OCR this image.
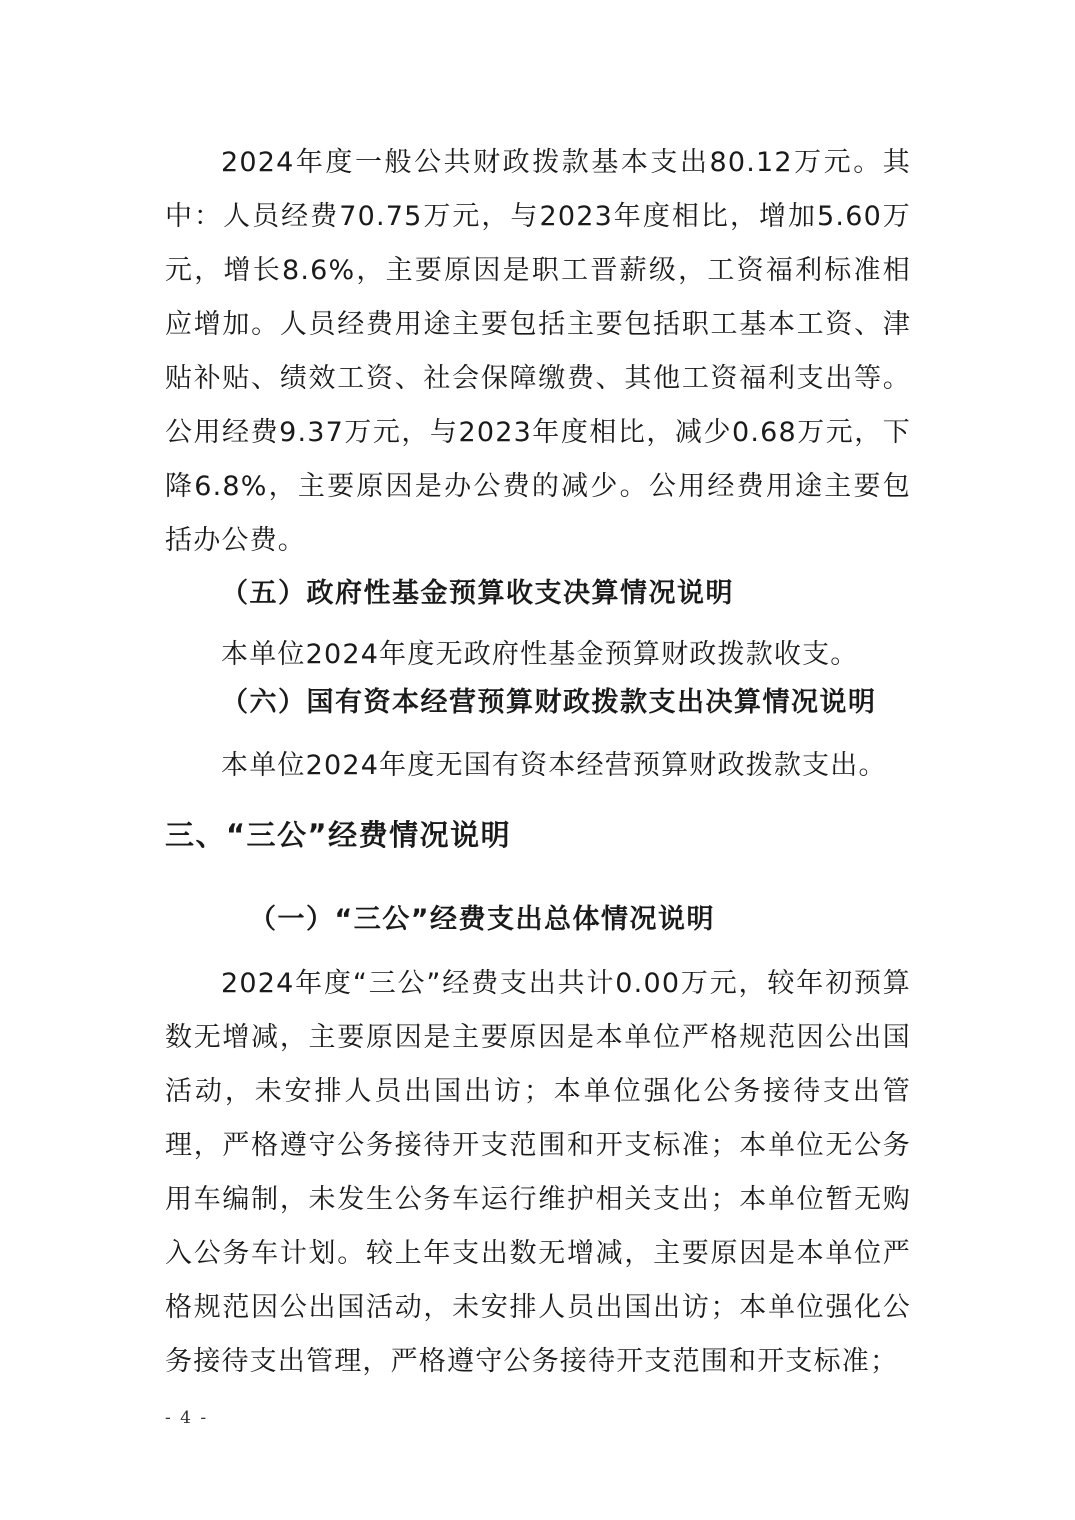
2024年度一般公共财政拨款基本支出80.12万元。其中：人员经费70.75万元，与2023年度相比，增加5.60万元，增长8.6%，主要原因是职工晋薪级，工资福利标准相应增加。人员经费用途主要包括主要包括职工基本工资、津贴补贴、绩效工资、社会保障缴费、其他工资福利支出等。公用经费9.37万元，与2023年度相比，减少0.68万元，下降6.8%，主要原因是办公费的减少。公用经费用途主要包括办公费。

（五）政府性基金预算收支决算情况说明

本单位2024年度无政府性基金预算财政拨款收支。

（六）国有资本经营预算财政拨款支出决算情况说明

本单位2024年度无国有资本经营预算财政拨款支出。

三、“三公”经费情况说明
（一）“三公”经费支出总体情况说明

2024年度“三公”经费支出共计0.00万元，较年初预算数无增减，主要原因是主要原因是本单位严格规范因公出国活动，未安排人员出国出访；本单位强化公务接待支出管理，严格遵守公务接待开支范围和开支标准；本单位无公务用车编制，未发生公务车运行维护相关支出；本单位暂无购入公务车计划。较上年支出数无增减，主要原因是本单位严格规范因公出国活动，未安排人员出国出访；本单位强化公务接待支出管理，严格遵守公务接待开支范围和开支标准；

- 4 -
